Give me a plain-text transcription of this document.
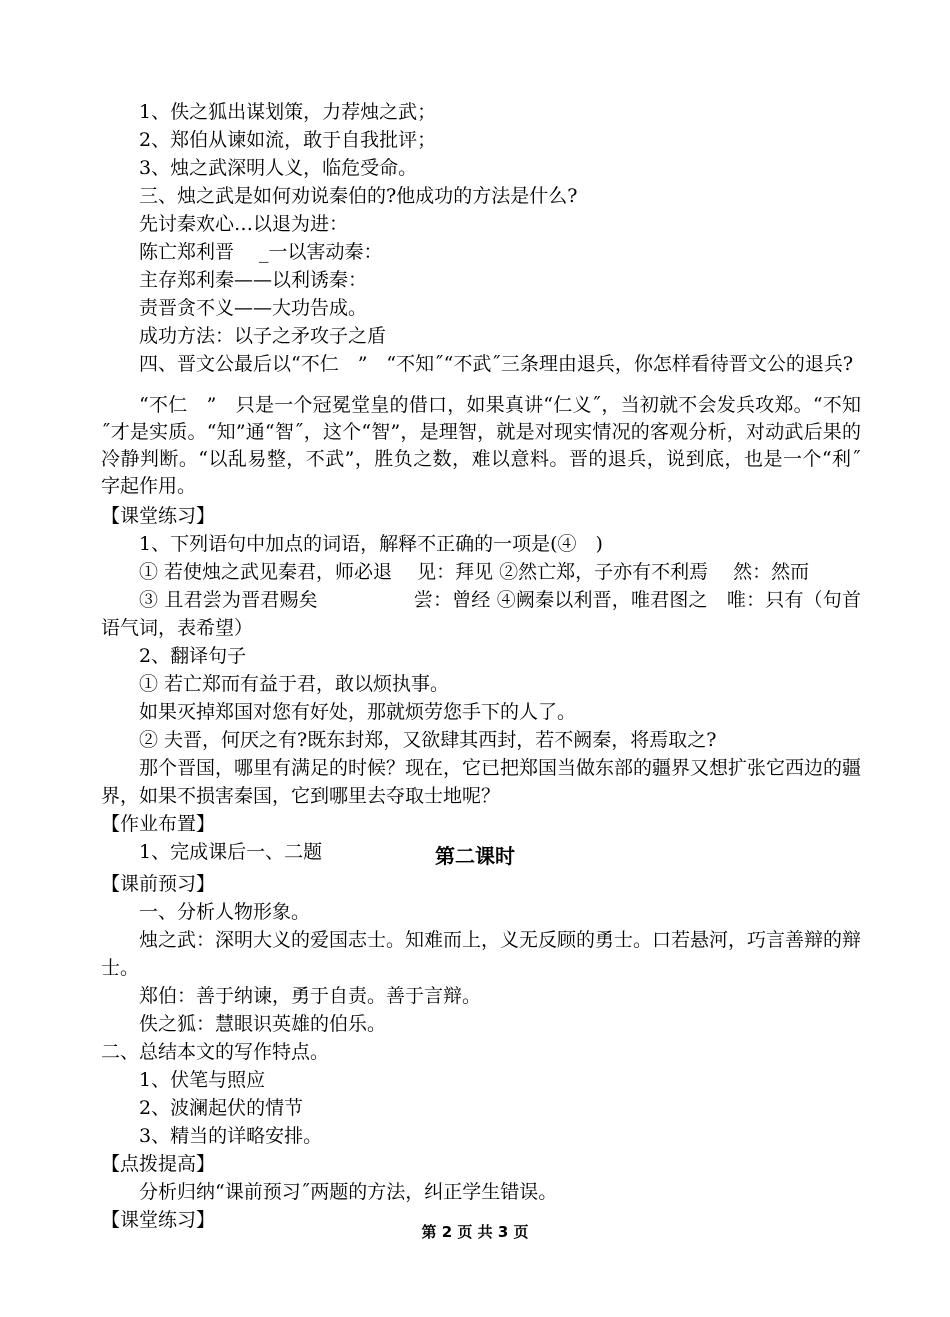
1、佚之狐出谋划策，力荐烛之武；
2、郑伯从谏如流，敢于自我批评；
3、烛之武深明人义，临危受命。
三、烛之武是如何劝说秦伯的?他成功的方法是什么?
先讨秦欢心…以退为进：
陈亡郑利晋　 _一以害动秦：
主存郑利秦——以利诱秦：
责晋贪不义——大功告成。
成功方法：以子之矛攻子之盾
四、晋文公最后以“不仁　”　“不知˝“不武˝三条理由退兵，你怎样看待晋文公的退兵?
“不仁　”　只是一个冠冕堂皇的借口，如果真讲“仁义˝，当初就不会发兵攻郑。“不知˝才是实质。“知”通“智˝，这个“智”，是理智，就是对现实情况的客观分析，对动武后果的冷静判断。“以乱易整，不武”，胜负之数，难以意料。晋的退兵，说到底，也是一个“利˝字起作用。
【课堂练习】
1、下列语句中加点的词语，解释不正确的一项是(④　)
① 若使烛之武见秦君，师必退　 见：拜见 ②然亡郑，子亦有不利焉　 然：然而
③ 且君尝为晋君赐矣　　　　　尝：曾经 ④阙秦以利晋，唯君图之　唯：只有（句首语气词，表希望）
2、翻译句子
① 若亡郑而有益于君，敢以烦执事。
如果灭掉郑国对您有好处，那就烦劳您手下的人了。
② 夫晋，何厌之有?既东封郑，又欲肆其西封，若不阙秦，将焉取之?
那个晋国，哪里有满足的时候？现在，它已把郑国当做东部的疆界又想扩张它西边的疆界，如果不损害秦国，它到哪里去夺取士地呢？
【作业布置】
1、完成课后一、二题	第二课时
【课前预习】
一、分析人物形象。
烛之武：深明大义的爱国志士。知难而上，义无反顾的勇士。口若悬河，巧言善辩的辩士。
郑伯：善于纳谏，勇于自责。善于言辩。
佚之狐：慧眼识英雄的伯乐。
二、总结本文的写作特点。
1、伏笔与照应
2、波澜起伏的情节
3、精当的详略安排。
【点拨提高】
分析归纳“课前预习˝两题的方法，纠正学生错误。
【课堂练习】
第 2 页 共 3 页
